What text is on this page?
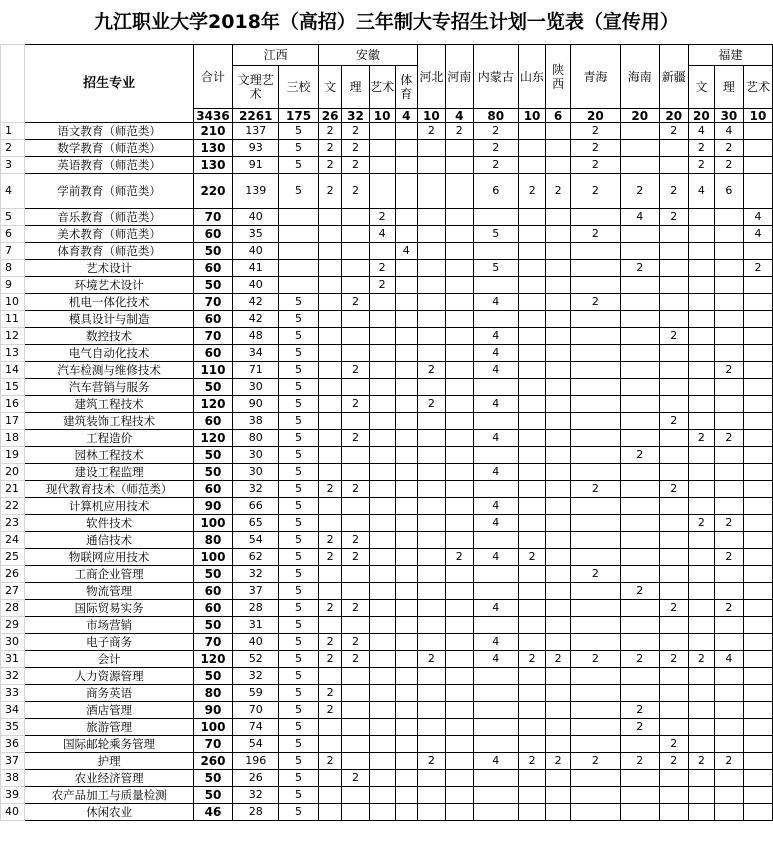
九江职业大学2018年（高招）三年制大专招生计划一览表（宣传用）
	招生专业	合计	江西		安徽				河北	河南	内蒙古	山东	陕西	青海	海南	新疆	福建		
			文理艺术	三校	文	理	艺术	体育									文	理	艺术
		3436	2261	175	26	32	10	4	10	4	80	10	6	20	20	20	20	30	10
1	语文教育（师范类）	210	137	5	2	2			2	2	2			2		2	4	4	
2	数学教育（师范类）	130	93	5	2	2					2			2			2	2	
3	英语教育（师范类）	130	91	5	2	2					2			2			2	2	
4	学前教育（师范类）	220	139	5	2	2					6	2	2	2	2	2	4	6	
5	音乐教育（师范类）	70	40				2								4	2			4
6	美术教育（师范类）	60	35				4				5			2					4
7	体育教育（师范类）	50	40					4											
8	艺术设计	60	41				2				5				2				2
9	环境艺术设计	50	40				2												
10	机电一体化技术	70	42	5		2					4			2					
11	模具设计与制造	60	42	5															
12	数控技术	70	48	5							4					2			
13	电气自动化技术	60	34	5							4								
14	汽车检测与维修技术	110	71	5		2			2		4							2	
15	汽车营销与服务	50	30	5															
16	建筑工程技术	120	90	5		2			2		4								
17	建筑装饰工程技术	60	38	5												2			
18	工程造价	120	80	5		2					4						2	2	
19	园林工程技术	50	30	5											2				
20	建设工程监理	50	30	5							4								
21	现代教育技术（师范类）	60	32	5	2	2								2		2			
22	计算机应用技术	90	66	5							4								
23	软件技术	100	65	5							4						2	2	
24	通信技术	80	54	5	2	2													
25	物联网应用技术	100	62	5	2	2				2	4	2						2	
26	工商企业管理	50	32	5										2					
27	物流管理	60	37	5											2				
28	国际贸易实务	60	28	5	2	2					4					2		2	
29	市场营销	50	31	5															
30	电子商务	70	40	5	2	2					4								
31	会计	120	52	5	2	2			2		4	2	2	2	2	2	2	4	
32	人力资源管理	50	32	5															
33	商务英语	80	59	5	2														
34	酒店管理	90	70	5	2										2				
35	旅游管理	100	74	5											2				
36	国际邮轮乘务管理	70	54	5												2			
37	护理	260	196	5	2				2		4	2	2	2	2	2	2	2	
38	农业经济管理	50	26	5		2													
39	农产品加工与质量检测	50	32	5															
40	休闲农业	46	28	5															
